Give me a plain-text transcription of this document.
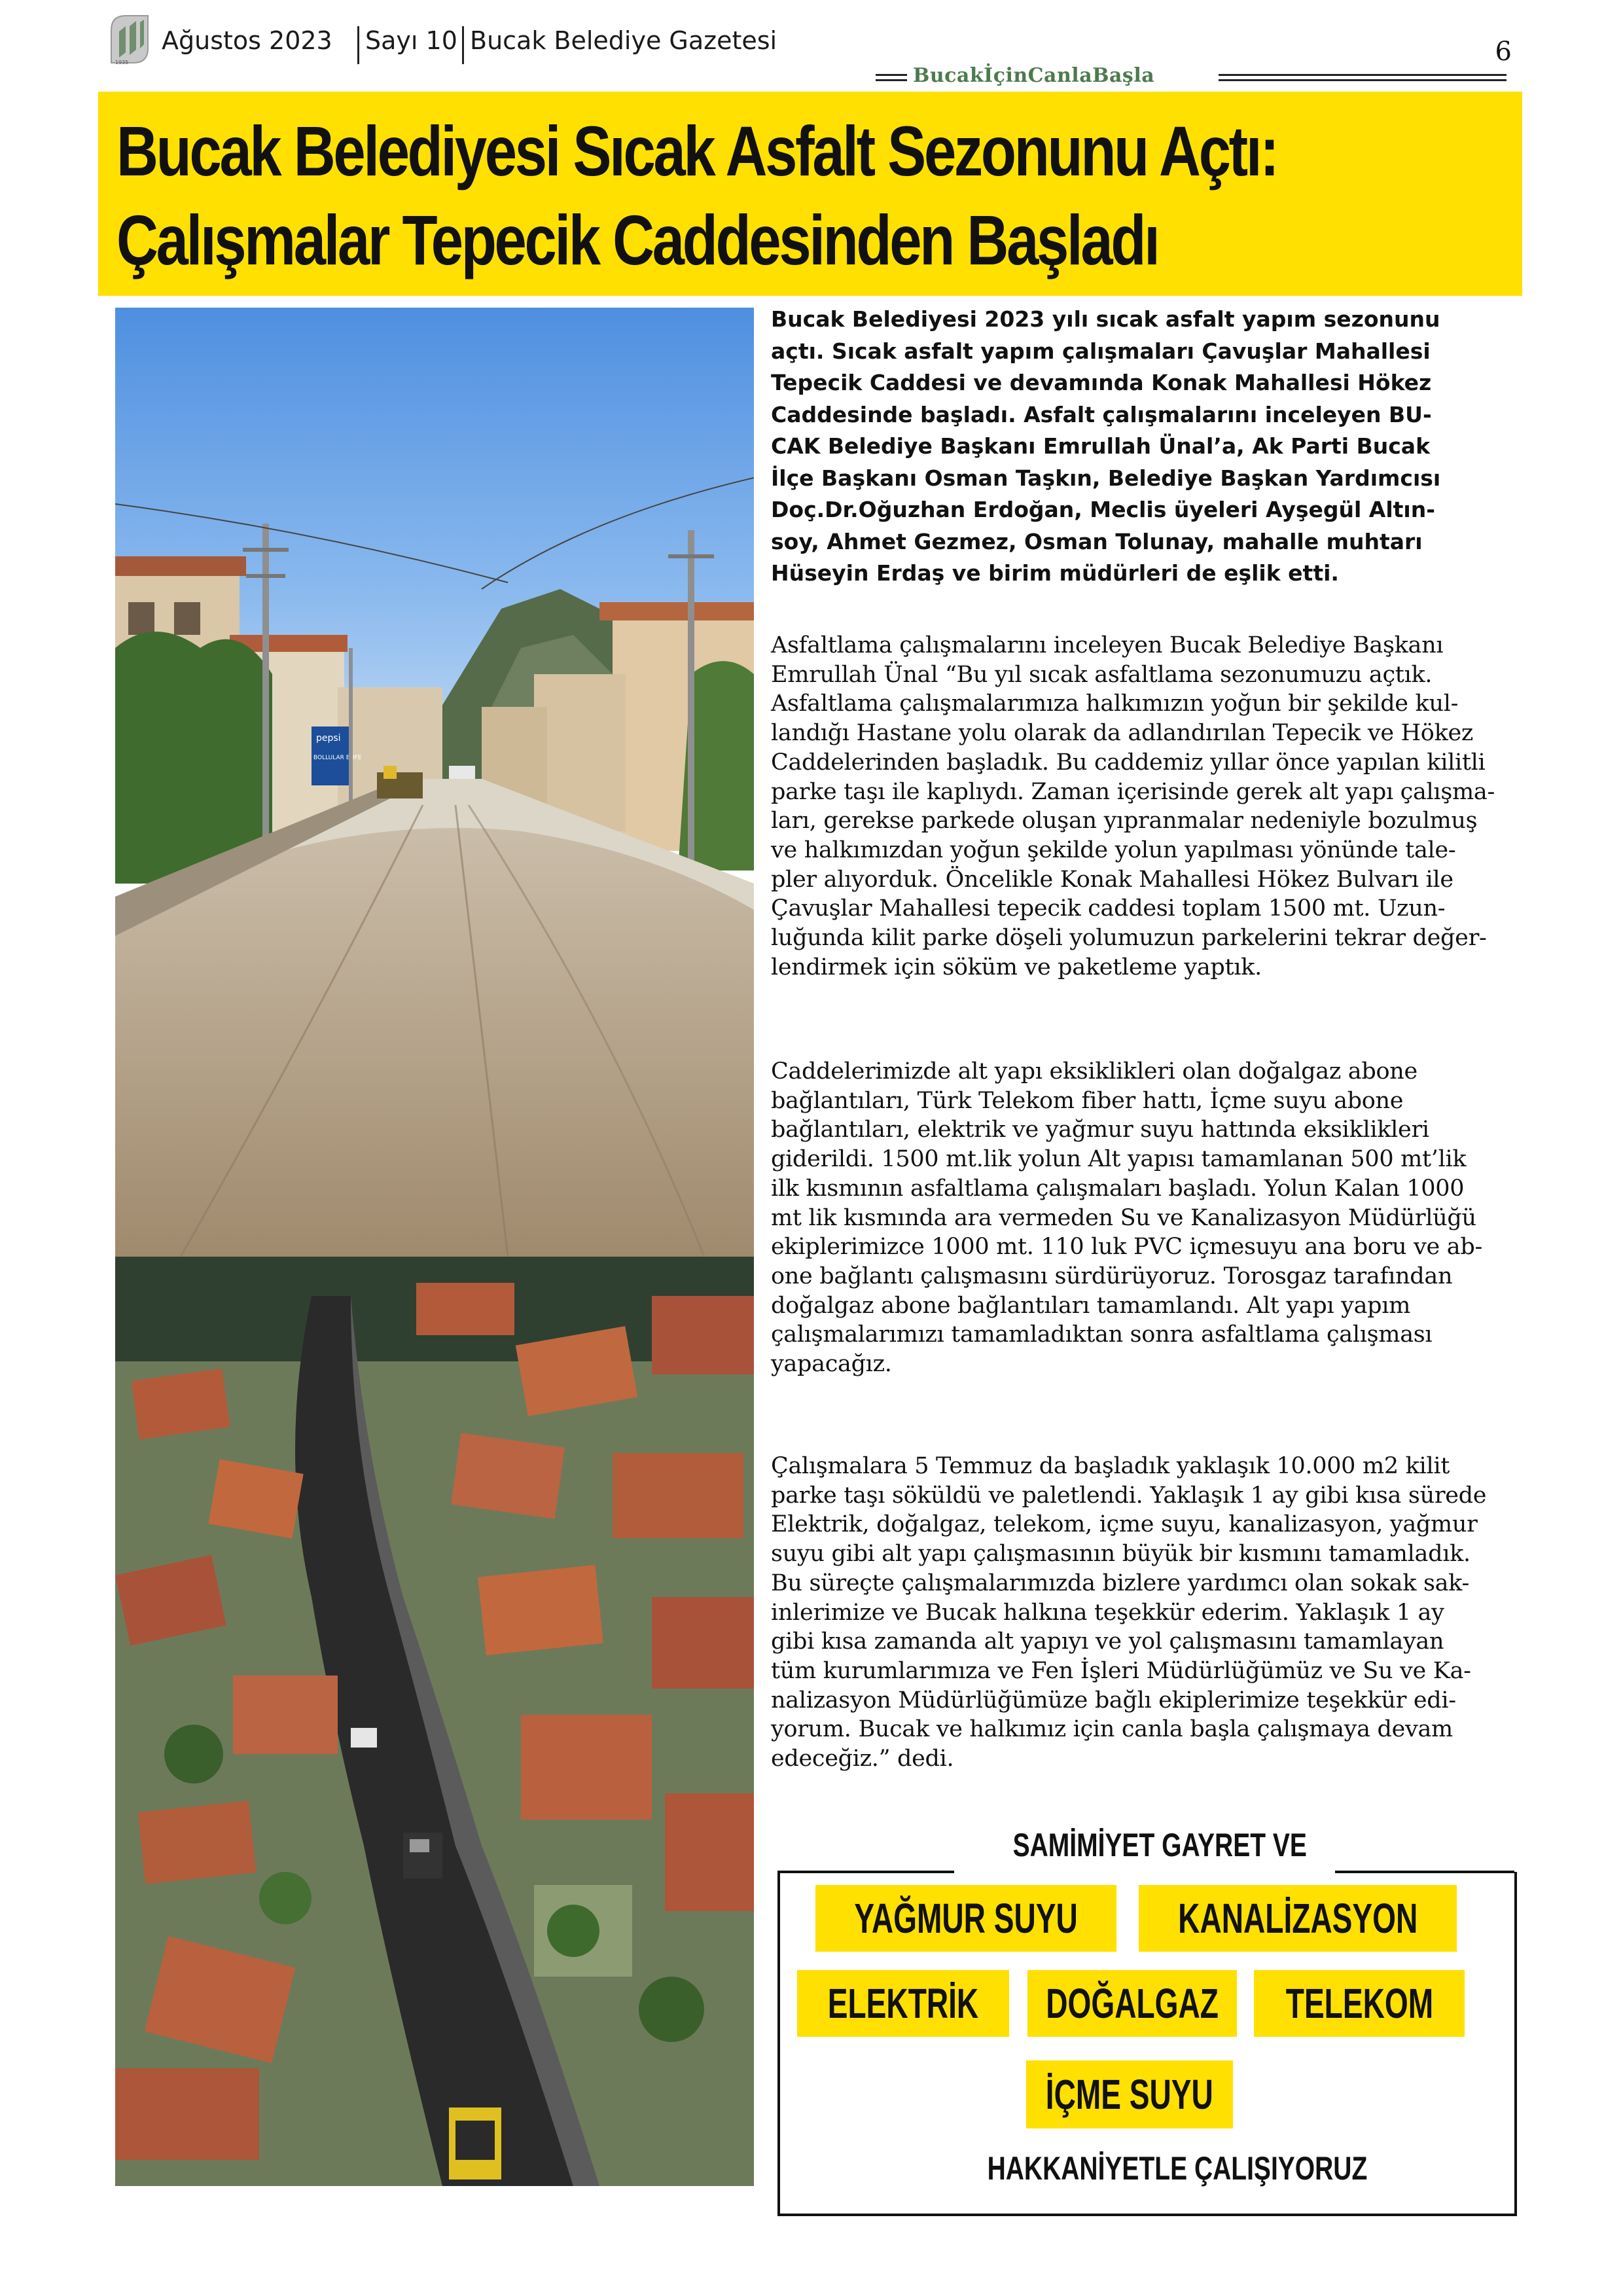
1935
Ağustos 2023 Sayı 10 Bucak Belediye Gazetesi	6
BucakİçinCanlaBaşla
Bucak Belediyesi Sıcak Asfalt Sezonunu Açtı:
Çalışmalar Tepecik Caddesinden Başladı
pepsi
BOLLULAR BUFE
Bucak Belediyesi 2023 yılı sıcak asfalt yapım sezonunu
açtı. Sıcak asfalt yapım çalışmaları Çavuşlar Mahallesi
Tepecik Caddesi ve devamında Konak Mahallesi Hökez
Caddesinde başladı. Asfalt çalışmalarını inceleyen BU-
CAK Belediye Başkanı Emrullah Ünal’a, Ak Parti Bucak
İlçe Başkanı Osman Taşkın, Belediye Başkan Yardımcısı
Doç.Dr.Oğuzhan Erdoğan, Meclis üyeleri Ayşegül Altın-
soy, Ahmet Gezmez, Osman Tolunay, mahalle muhtarı
Hüseyin Erdaş ve birim müdürleri de eşlik etti.
Asfaltlama çalışmalarını inceleyen Bucak Belediye Başkanı
Emrullah Ünal “Bu yıl sıcak asfaltlama sezonumuzu açtık.
Asfaltlama çalışmalarımıza halkımızın yoğun bir şekilde kul-
landığı Hastane yolu olarak da adlandırılan Tepecik ve Hökez
Caddelerinden başladık. Bu caddemiz yıllar önce yapılan kilitli
parke taşı ile kaplıydı. Zaman içerisinde gerek alt yapı çalışma-
ları, gerekse parkede oluşan yıpranmalar nedeniyle bozulmuş
ve halkımızdan yoğun şekilde yolun yapılması yönünde tale-
pler alıyorduk. Öncelikle Konak Mahallesi Hökez Bulvarı ile
Çavuşlar Mahallesi tepecik caddesi toplam 1500 mt. Uzun-
luğunda kilit parke döşeli yolumuzun parkelerini tekrar değer-
lendirmek için söküm ve paketleme yaptık.
Caddelerimizde alt yapı eksiklikleri olan doğalgaz abone
bağlantıları, Türk Telekom fiber hattı, İçme suyu abone
bağlantıları, elektrik ve yağmur suyu hattında eksiklikleri
giderildi. 1500 mt.lik yolun Alt yapısı tamamlanan 500 mt’lik
ilk kısmının asfaltlama çalışmaları başladı. Yolun Kalan 1000
mt lik kısmında ara vermeden Su ve Kanalizasyon Müdürlüğü
ekiplerimizce 1000 mt. 110 luk PVC içmesuyu ana boru ve ab-
one bağlantı çalışmasını sürdürüyoruz. Torosgaz tarafından
doğalgaz abone bağlantıları tamamlandı. Alt yapı yapım
çalışmalarımızı tamamladıktan sonra asfaltlama çalışması
yapacağız.
Çalışmalara 5 Temmuz da başladık yaklaşık 10.000 m2 kilit
parke taşı söküldü ve paletlendi. Yaklaşık 1 ay gibi kısa sürede
Elektrik, doğalgaz, telekom, içme suyu, kanalizasyon, yağmur
suyu gibi alt yapı çalışmasının büyük bir kısmını tamamladık.
Bu süreçte çalışmalarımızda bizlere yardımcı olan sokak sak-
inlerimize ve Bucak halkına teşekkür ederim. Yaklaşık 1 ay
gibi kısa zamanda alt yapıyı ve yol çalışmasını tamamlayan
tüm kurumlarımıza ve Fen İşleri Müdürlüğümüz ve Su ve Ka-
nalizasyon Müdürlüğümüze bağlı ekiplerimize teşekkür edi-
yorum. Bucak ve halkımız için canla başla çalışmaya devam
edeceğiz.” dedi.
SAMİMİYET GAYRET VE
YAĞMUR SUYU KANALİZASYON
ELEKTRİK DOĞALGAZ TELEKOM
İÇME SUYU
HAKKANİYETLE ÇALIŞIYORUZ
